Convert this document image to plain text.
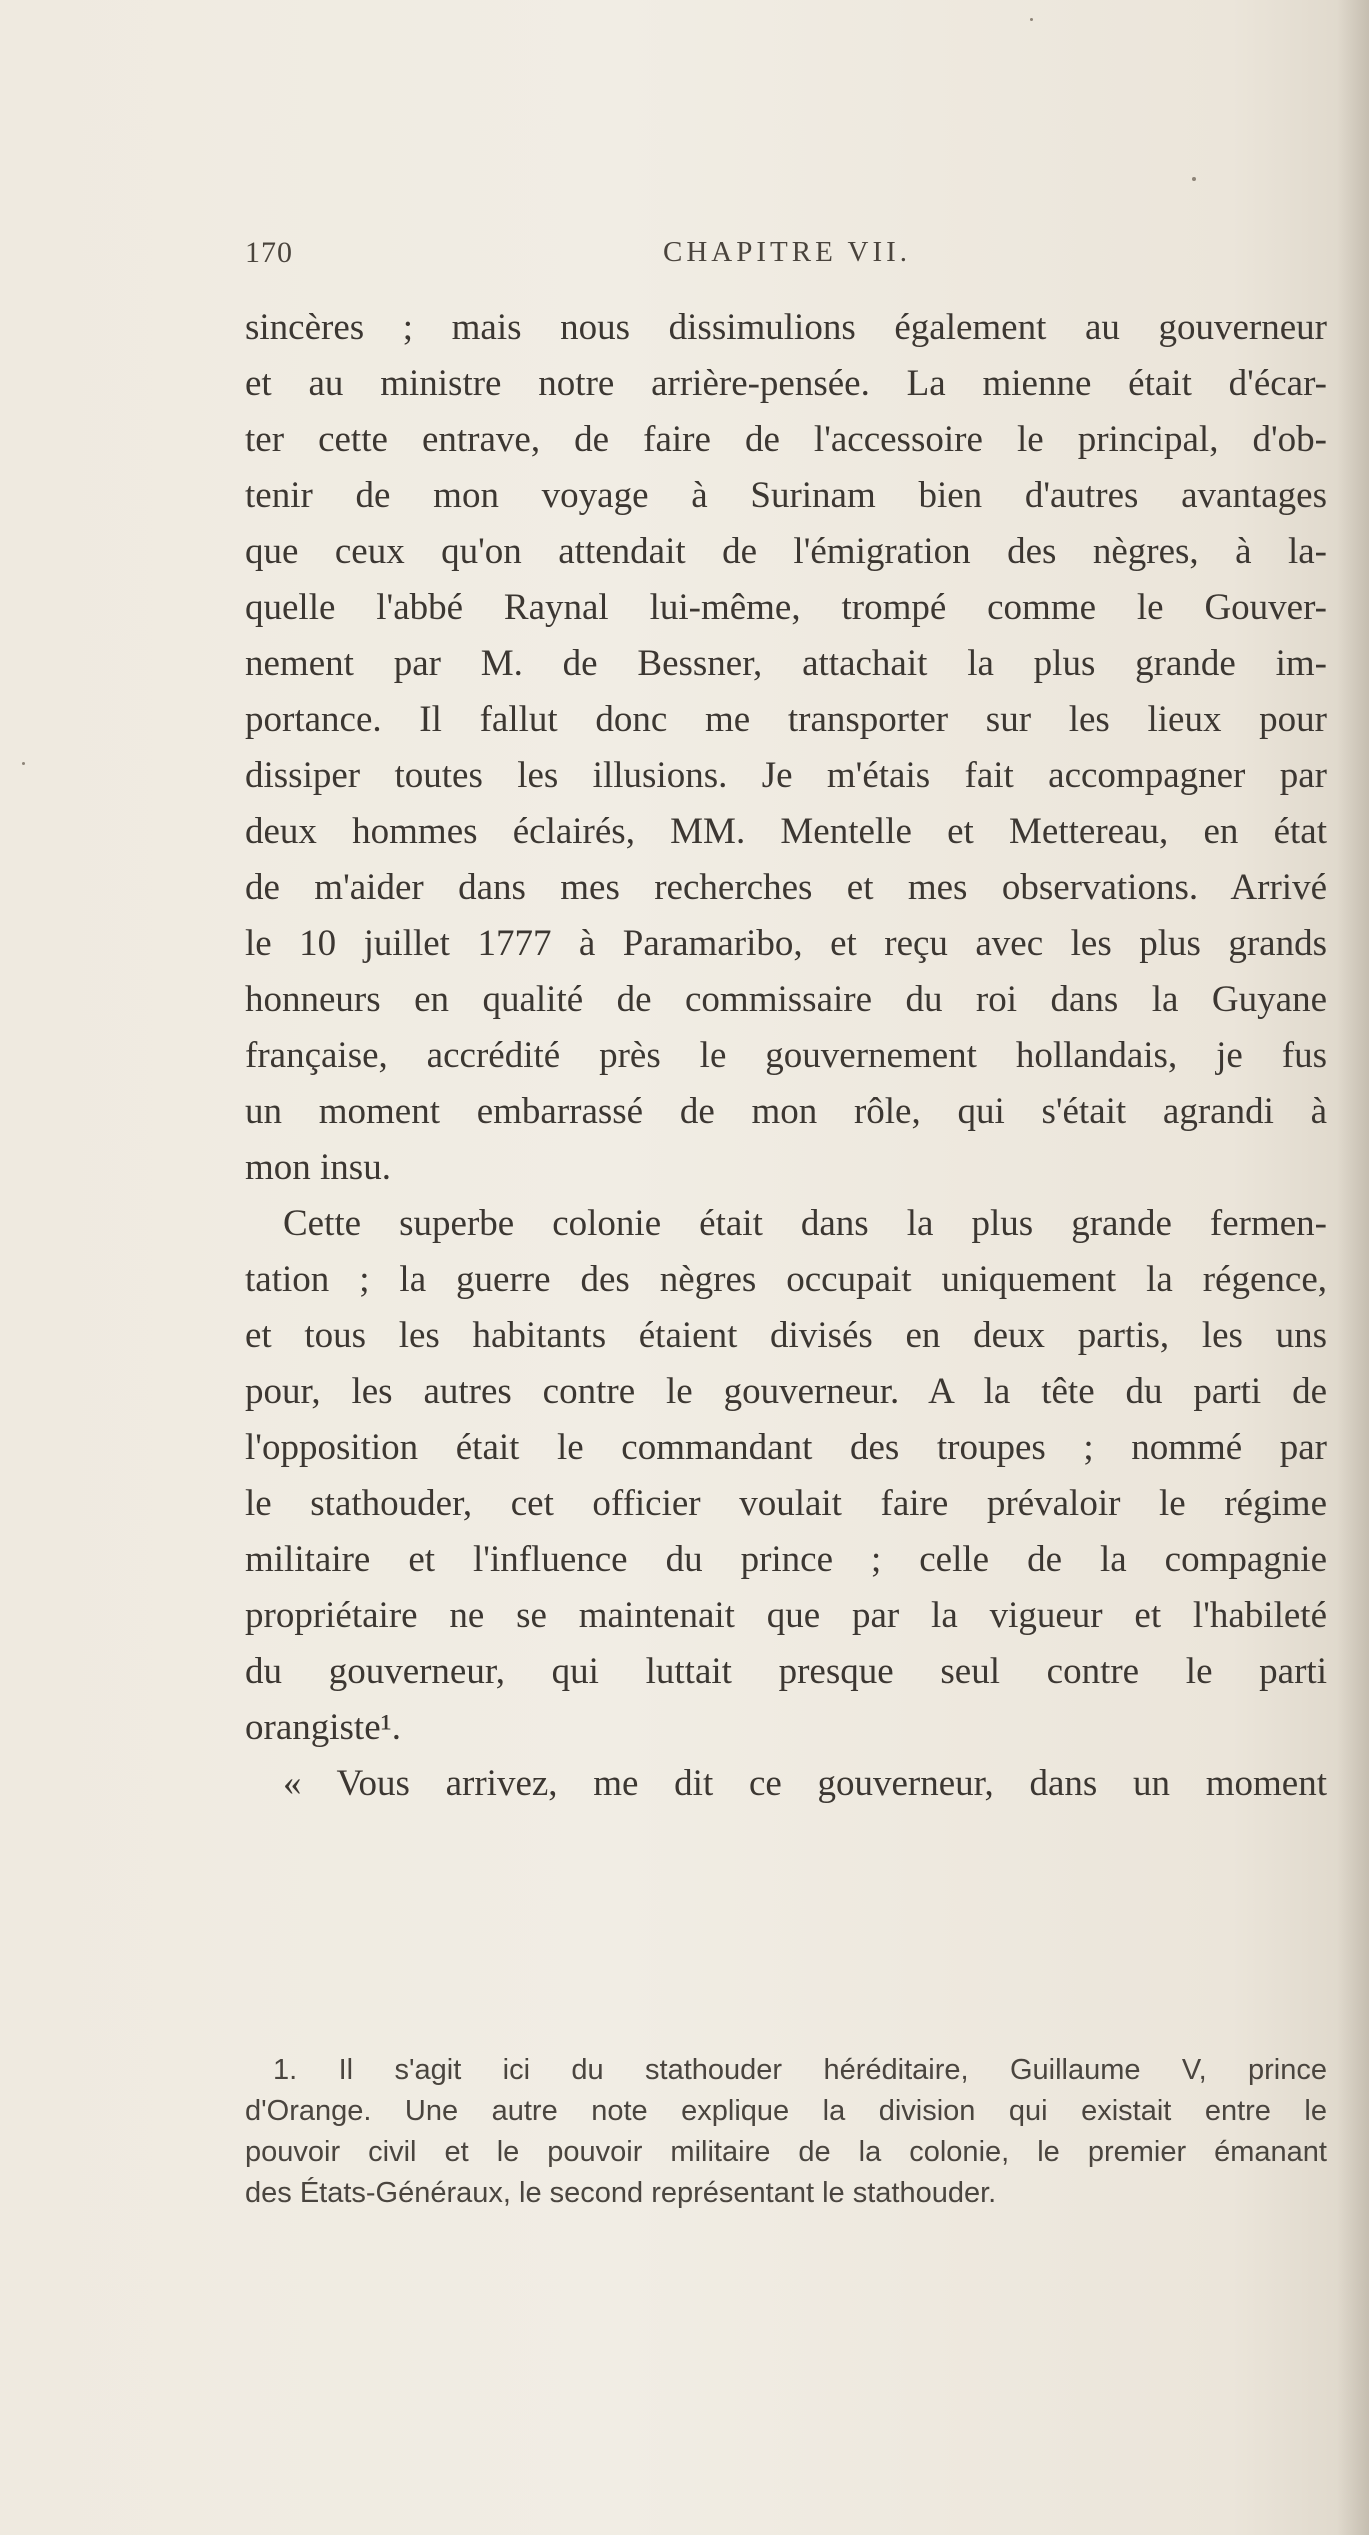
170	CHAPITRE VII.
sincères ; mais nous dissimulions également au gouverneur
et au ministre notre arrière-pensée. La mienne était d'écar-
ter cette entrave, de faire de l'accessoire le principal, d'ob-
tenir de mon voyage à Surinam bien d'autres avantages
que ceux qu'on attendait de l'émigration des nègres, à la-
quelle l'abbé Raynal lui-même, trompé comme le Gouver-
nement par M. de Bessner, attachait la plus grande im-
portance. Il fallut donc me transporter sur les lieux pour
dissiper toutes les illusions. Je m'étais fait accompagner par
deux hommes éclairés, MM. Mentelle et Mettereau, en état
de m'aider dans mes recherches et mes observations. Arrivé
le 10 juillet 1777 à Paramaribo, et reçu avec les plus grands
honneurs en qualité de commissaire du roi dans la Guyane
française, accrédité près le gouvernement hollandais, je fus
un moment embarrassé de mon rôle, qui s'était agrandi à
mon insu.
Cette superbe colonie était dans la plus grande fermen-
tation ; la guerre des nègres occupait uniquement la régence,
et tous les habitants étaient divisés en deux partis, les uns
pour, les autres contre le gouverneur. A la tête du parti de
l'opposition était le commandant des troupes ; nommé par
le stathouder, cet officier voulait faire prévaloir le régime
militaire et l'influence du prince ; celle de la compagnie
propriétaire ne se maintenait que par la vigueur et l'habileté
du gouverneur, qui luttait presque seul contre le parti
orangiste¹.
« Vous arrivez, me dit ce gouverneur, dans un moment
1. Il s'agit ici du stathouder héréditaire, Guillaume V, prince
d'Orange. Une autre note explique la division qui existait entre le
pouvoir civil et le pouvoir militaire de la colonie, le premier émanant
des États-Généraux, le second représentant le stathouder.
